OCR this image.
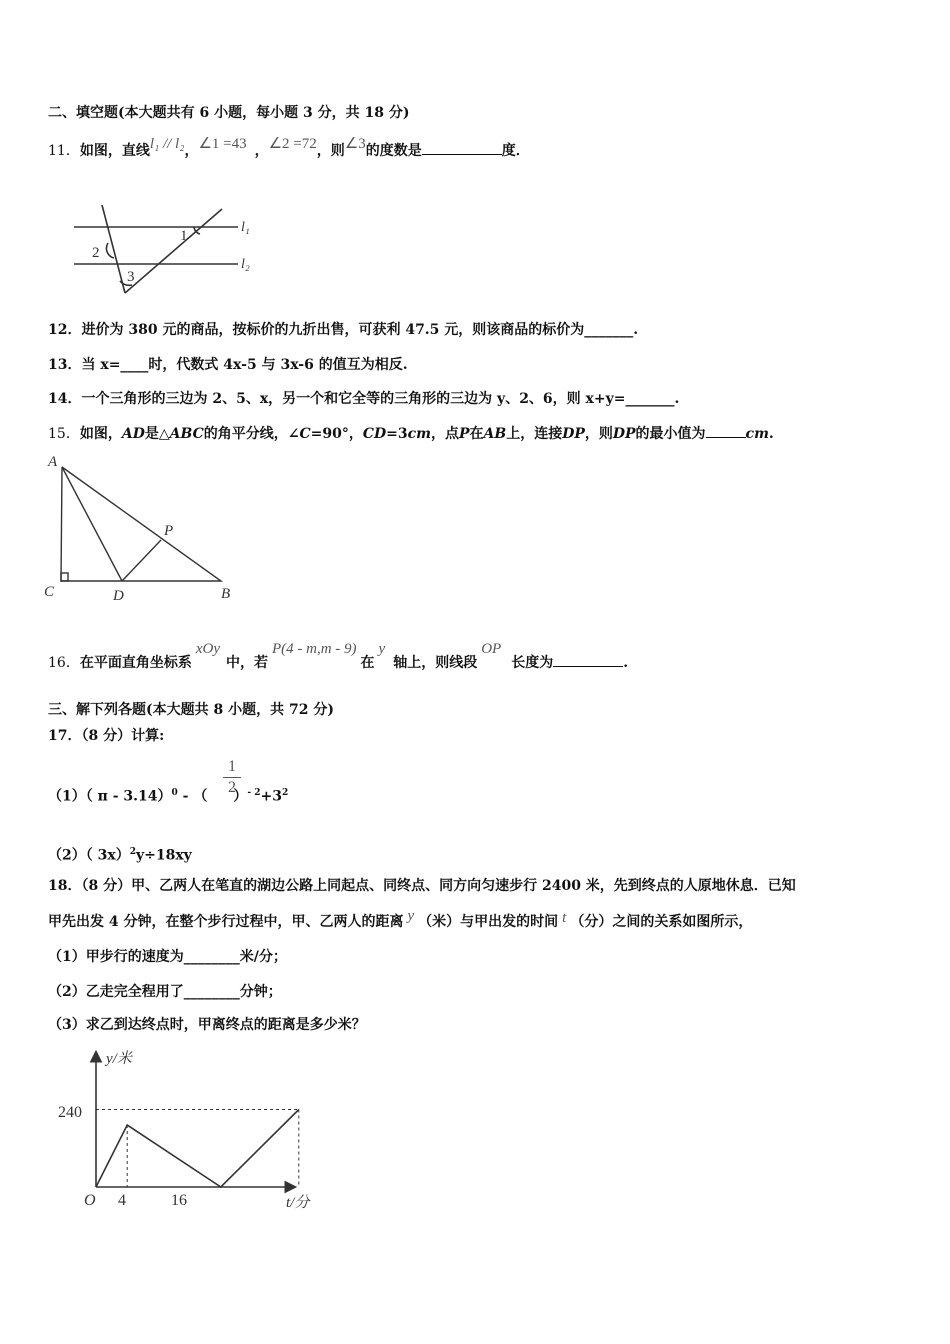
二、填空题(本大题共有 6 小题，每小题 3 分，共 18 分)
11．如图，直线l₁ // l₂，∠1 =43 ，∠2 =72，则∠3的度数是	度．
1
2
3
l₁
l₂
12．进价为 380 元的商品，按标价的九折出售，可获利 47.5 元，则该商品的标价为_______.
13．当 x=____时，代数式 4x-5 与 3x-6 的值互为相反.
14．一个三角形的三边为 2、5、x，另一个和它全等的三角形的三边为 y、2、6，则 x+y=_______.
15．如图，AD是△ABC的角平分线，∠C=90°，CD=3cm，点P在AB上，连接DP，则DP的最小值为	cm.
A
C	D	B
P
16．在平面直角坐标系xOy中，若P(4 - m,m - 9)在y轴上，则线段OP长度为	.
三、解下列各题(本大题共 8 小题，共 72 分)
17．（8 分）计算:
（1）（ π - 3.14）$^0$ - （ ）$^{- 2}+3^2$
1
2
（2）（ 3x）$^2$y÷18xy
18．（8 分）甲、乙两人在笔直的湖边公路上同起点、同终点、同方向匀速步行 2400 米，先到终点的人原地休息．已知
甲先出发 4 分钟，在整个步行过程中，甲、乙两人的距离 y （米）与甲出发的时间 t （分）之间的关系如图所示，
（1）甲步行的速度为________米/分；
（2）乙走完全程用了________分钟；
（3）求乙到达终点时，甲离终点的距离是多少米？
y/米
t/分
O
240
4	16
